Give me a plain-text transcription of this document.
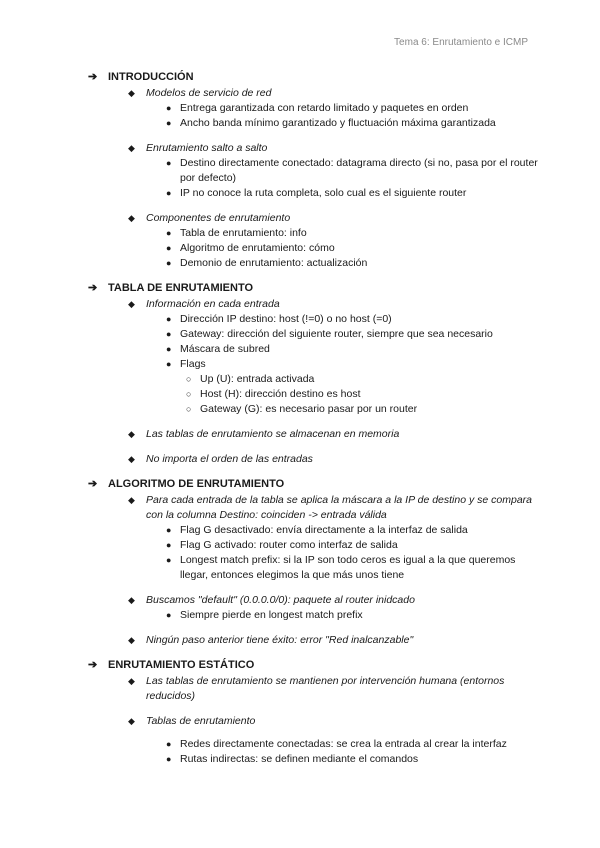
Tema 6: Enrutamiento e ICMP
➔ INTRODUCCIÓN
◆ Modelos de servicio de red
● Entrega garantizada con retardo limitado y paquetes en orden
● Ancho banda mínimo garantizado y fluctuación máxima garantizada
◆ Enrutamiento salto a salto
● Destino directamente conectado: datagrama directo (si no, pasa por el router por defecto)
● IP no conoce la ruta completa, solo cual es el siguiente router
◆ Componentes de enrutamiento
● Tabla de enrutamiento: info
● Algoritmo de enrutamiento: cómo
● Demonio de enrutamiento: actualización
➔ TABLA DE ENRUTAMIENTO
◆ Información en cada entrada
● Dirección IP destino: host (!=0) o no host (=0)
● Gateway: dirección del siguiente router, siempre que sea necesario
● Máscara de subred
● Flags
○ Up (U): entrada activada
○ Host (H): dirección destino es host
○ Gateway (G): es necesario pasar por un router
◆ Las tablas de enrutamiento se almacenan en memoria
◆ No importa el orden de las entradas
➔ ALGORITMO DE ENRUTAMIENTO
◆ Para cada entrada de la tabla se aplica la máscara a la IP de destino y se compara con la columna Destino: coinciden -> entrada válida
● Flag G desactivado: envía directamente a la interfaz de salida
● Flag G activado: router como interfaz de salida
● Longest match prefix: si la IP son todo ceros es igual a la que queremos llegar, entonces elegimos la que más unos tiene
◆ Buscamos "default" (0.0.0.0/0): paquete al router inidcado
● Siempre pierde en longest match prefix
◆ Ningún paso anterior tiene éxito: error "Red inalcanzable"
➔ ENRUTAMIENTO ESTÁTICO
◆ Las tablas de enrutamiento se mantienen por intervención humana (entornos reducidos)
◆ Tablas de enrutamiento
● Redes directamente conectadas: se crea la entrada al crear la interfaz
● Rutas indirectas: se definen mediante el comandos
